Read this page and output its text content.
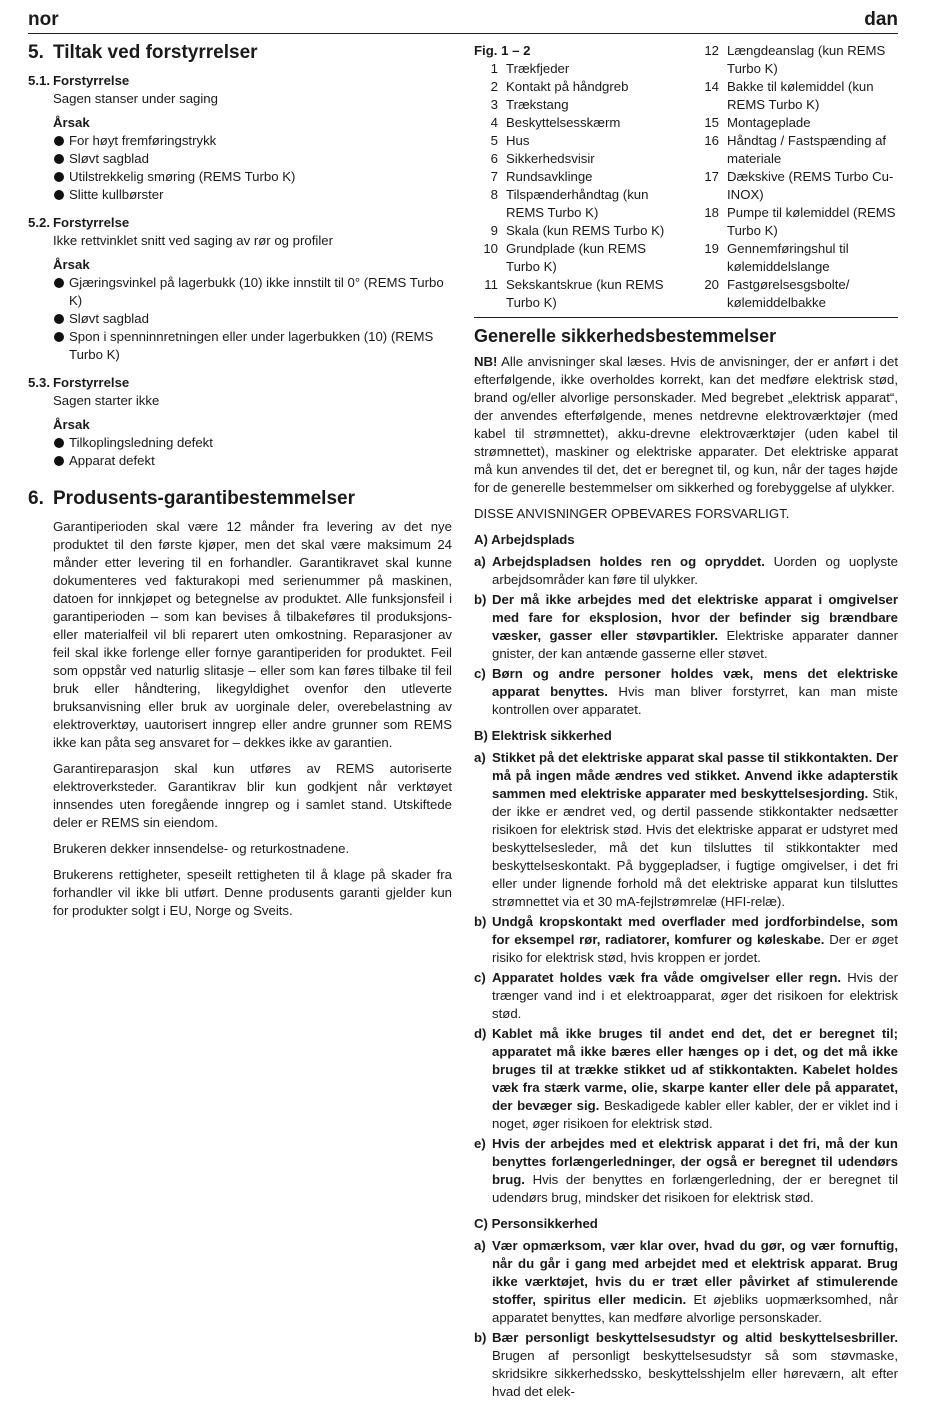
nor	dan
5. Tiltak ved forstyrrelser
5.1. Forstyrrelse
Sagen stanser under saging
Årsak
For høyt fremføringstrykk
Sløvt sagblad
Utilstrekkelig smøring (REMS Turbo K)
Slitte kullbørster
5.2. Forstyrrelse
Ikke rettvinklet snitt ved saging av rør og profiler
Årsak
Gjæringsvinkel på lagerbukk (10) ikke innstilt til 0° (REMS Turbo K)
Sløvt sagblad
Spon i spenninnretningen eller under lagerbukken (10) (REMS Turbo K)
5.3. Forstyrrelse
Sagen starter ikke
Årsak
Tilkoplingsledning defekt
Apparat defekt
6. Produsents-garantibestemmelser

Garantiperioden skal være 12 månder fra levering av det nye produktet til den første kjøper, men det skal være maksimum 24 månder etter levering til en forhandler. Garantikravet skal kunne dokumenteres ved fakturakopi med serienummer på maskinen, datoen for innkjøpet og betegnelse av produktet. Alle funksjonsfeil i garantiperioden – som kan bevises å tilbakeføres til produksjons- eller materialfeil vil bli reparert uten omkostning. Reparasjoner av feil skal ikke forlenge eller fornye garantiperiden for produktet. Feil som oppstår ved naturlig slitasje – eller som kan føres tilbake til feil bruk eller håndtering, likegyldighet ovenfor den utleverte bruksanvisning eller bruk av uorginale deler, overebelastning av elektroverktøy, uautorisert inngrep eller andre grunner som REMS ikke kan påta seg ansvaret for – dekkes ikke av garantien.

Garantireparasjon skal kun utføres av REMS autoriserte elektroverksteder. Garantikrav blir kun godkjent når verktøyet innsendes uten foregående inngrep og i samlet stand. Utskiftede deler er REMS sin eiendom.

Brukeren dekker innsendelse- og returkostnadene.

Brukerens rettigheter, speseilt rettigheten til å klage på skader fra forhandler vil ikke bli utført. Denne produsents garanti gjelder kun for produkter solgt i EU, Norge og Sveits.

Fig. 1 – 2
1 Trækfjeder
2 Kontakt på håndgreb
3 Trækstang
4 Beskyttelsesskærm
5 Hus
6 Sikkerhedsvisir
7 Rundsavklinge
8 Tilspænderhåndtag (kun REMS Turbo K)
9 Skala (kun REMS Turbo K)
10 Grundplade (kun REMS Turbo K)
11 Sekskantskrue (kun REMS Turbo K)
12 Længdeanslag (kun REMS Turbo K)
14 Bakke til kølemiddel (kun REMS Turbo K)
15 Montageplade
16 Håndtag / Fastspænding af materiale
17 Dækskive (REMS Turbo Cu-INOX)
18 Pumpe til kølemiddel (REMS Turbo K)
19 Gennemføringshul til kølemiddelslange
20 Fastgørelsesgsbolte/ kølemiddelbakke
Generelle sikkerhedsbestemmelser

NB! Alle anvisninger skal læses. Hvis de anvisninger, der er anført i det efterfølgende, ikke overholdes korrekt, kan det medføre elektrisk stød, brand og/eller alvorlige personskader. Med begrebet „elektrisk apparat“, der anvendes efterfølgende, menes netdrevne elektroværktøjer (med kabel til strømnettet), akku-drevne elektroværktøjer (uden kabel til strømnettet), maskiner og elektriske apparater. Det elektriske apparat må kun anvendes til det, det er beregnet til, og kun, når der tages højde for de generelle bestemmelser om sikkerhed og forebyggelse af ulykker.

DISSE ANVISNINGER OPBEVARES FORSVARLIGT.

A) Arbejdsplads
a) Arbejdspladsen holdes ren og opryddet. Uorden og uoplyste arbejdsområder kan føre til ulykker.
b) Der må ikke arbejdes med det elektriske apparat i omgivelser med fare for eksplosion, hvor der befinder sig brændbare væsker, gasser eller støvpartikler. Elektriske apparater danner gnister, der kan antænde gasserne eller støvet.
c) Børn og andre personer holdes væk, mens det elektriske apparat benyttes. Hvis man bliver forstyrret, kan man miste kontrollen over apparatet.
B) Elektrisk sikkerhed
a) Stikket på det elektriske apparat skal passe til stikkontakten. Der må på ingen måde ændres ved stikket. Anvend ikke adapterstik sammen med elektriske apparater med beskyttelsesjording. Stik, der ikke er ændret ved, og dertil passende stikkontakter nedsætter risikoen for elektrisk stød. Hvis det elektriske apparat er udstyret med beskyttelsesleder, må det kun tilsluttes til stikkontakter med beskyttelseskontakt. På byggepladser, i fugtige omgivelser, i det fri eller under lignende forhold må det elektriske apparat kun tilsluttes strømnettet via et 30 mA-fejlstrømrelæ (HFI-relæ).
b) Undgå kropskontakt med overflader med jordforbindelse, som for eksempel rør, radiatorer, komfurer og køleskabe. Der er øget risiko for elektrisk stød, hvis kroppen er jordet.
c) Apparatet holdes væk fra våde omgivelser eller regn. Hvis der trænger vand ind i et elektroapparat, øger det risikoen for elektrisk stød.
d) Kablet må ikke bruges til andet end det, det er beregnet til; apparatet må ikke bæres eller hænges op i det, og det må ikke bruges til at trække stikket ud af stikkontakten. Kabelet holdes væk fra stærk varme, olie, skarpe kanter eller dele på apparatet, der bevæger sig. Beskadigede kabler eller kabler, der er viklet ind i noget, øger risikoen for elektrisk stød.
e) Hvis der arbejdes med et elektrisk apparat i det fri, må der kun benyttes forlængerledninger, der også er beregnet til udendørs brug. Hvis der benyttes en forlængerledning, der er beregnet til udendørs brug, mindsker det risikoen for elektrisk stød.
C) Personsikkerhed
a) Vær opmærksom, vær klar over, hvad du gør, og vær fornuftig, når du går i gang med arbejdet med et elektrisk apparat. Brug ikke værktøjet, hvis du er træt eller påvirket af stimulerende stoffer, spiritus eller medicin. Et øjebliks uopmærksomhed, når apparatet benyttes, kan medføre alvorlige personskader.
b) Bær personligt beskyttelsesudstyr og altid beskyttelsesbriller. Brugen af personligt beskyttelsesudstyr så som støvmaske, skridsikre sikkerhedssko, beskyttelsshjelm eller høreværn, alt efter hvad det elek-
